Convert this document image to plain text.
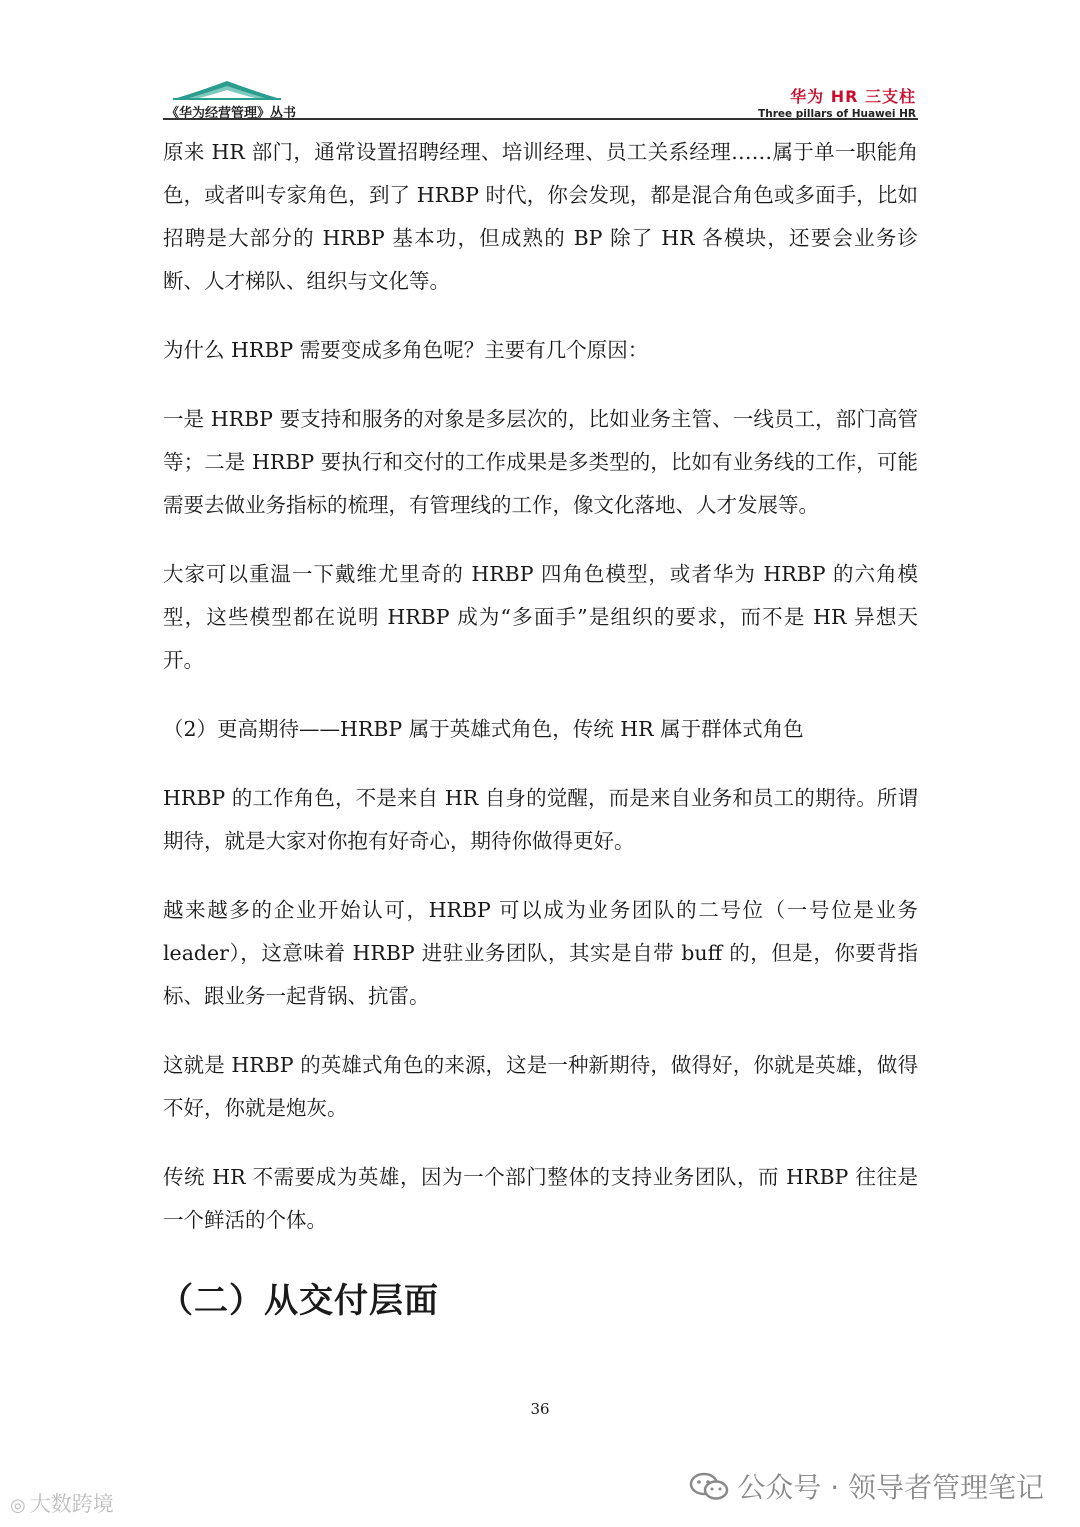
《华为经营管理》丛书
华为 HR 三支柱
Three pillars of Huawei HR

原来 HR 部门，通常设置招聘经理、培训经理、员工关系经理……属于单一职能角色，或者叫专家角色，到了 HRBP 时代，你会发现，都是混合角色或多面手，比如招聘是大部分的 HRBP 基本功，但成熟的 BP 除了 HR 各模块，还要会业务诊断、人才梯队、组织与文化等。

为什么 HRBP 需要变成多角色呢？主要有几个原因：

一是 HRBP 要支持和服务的对象是多层次的，比如业务主管、一线员工，部门高管等；二是 HRBP 要执行和交付的工作成果是多类型的，比如有业务线的工作，可能需要去做业务指标的梳理，有管理线的工作，像文化落地、人才发展等。

大家可以重温一下戴维尤里奇的 HRBP 四角色模型，或者华为 HRBP 的六角模型，这些模型都在说明 HRBP 成为“多面手”是组织的要求，而不是 HR 异想天开。

（2）更高期待——HRBP 属于英雄式角色，传统 HR 属于群体式角色

HRBP 的工作角色，不是来自 HR 自身的觉醒，而是来自业务和员工的期待。所谓期待，就是大家对你抱有好奇心，期待你做得更好。

越来越多的企业开始认可，HRBP 可以成为业务团队的二号位（一号位是业务 leader），这意味着 HRBP 进驻业务团队，其实是自带 buff 的，但是，你要背指标、跟业务一起背锅、抗雷。

这就是 HRBP 的英雄式角色的来源，这是一种新期待，做得好，你就是英雄，做得不好，你就是炮灰。

传统 HR 不需要成为英雄，因为一个部门整体的支持业务团队，而 HRBP 往往是一个鲜活的个体。

（二）从交付层面
36
◎ 大数跨境	公众号 · 领导者管理笔记
